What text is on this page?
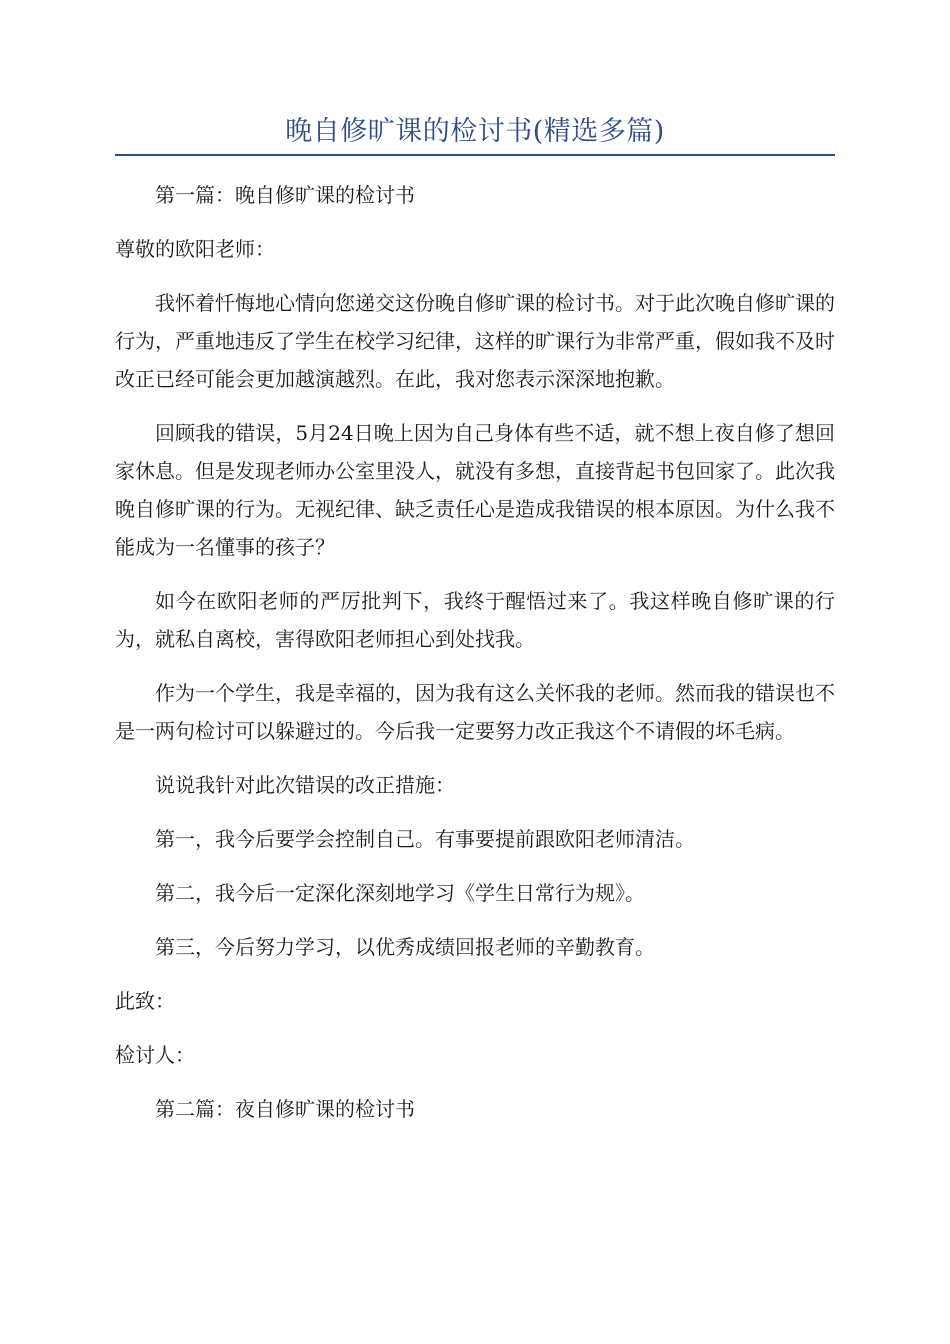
晚自修旷课的检讨书(精选多篇)

第一篇：晚自修旷课的检讨书

尊敬的欧阳老师：

我怀着忏悔地心情向您递交这份晚自修旷课的检讨书。对于此次晚自修旷课的行为，严重地违反了学生在校学习纪律，这样的旷课行为非常严重，假如我不及时改正已经可能会更加越演越烈。在此，我对您表示深深地抱歉。

回顾我的错误，5月24日晚上因为自己身体有些不适，就不想上夜自修了想回家休息。但是发现老师办公室里没人，就没有多想，直接背起书包回家了。此次我晚自修旷课的行为。无视纪律、缺乏责任心是造成我错误的根本原因。为什么我不能成为一名懂事的孩子？

如今在欧阳老师的严厉批判下，我终于醒悟过来了。我这样晚自修旷课的行为，就私自离校，害得欧阳老师担心到处找我。

作为一个学生，我是幸福的，因为我有这么关怀我的老师。然而我的错误也不是一两句检讨可以躲避过的。今后我一定要努力改正我这个不请假的坏毛病。

说说我针对此次错误的改正措施：

第一，我今后要学会控制自己。有事要提前跟欧阳老师清洁。

第二，我今后一定深化深刻地学习《学生日常行为规》。

第三，今后努力学习，以优秀成绩回报老师的辛勤教育。

此致：

检讨人：

第二篇：夜自修旷课的检讨书
